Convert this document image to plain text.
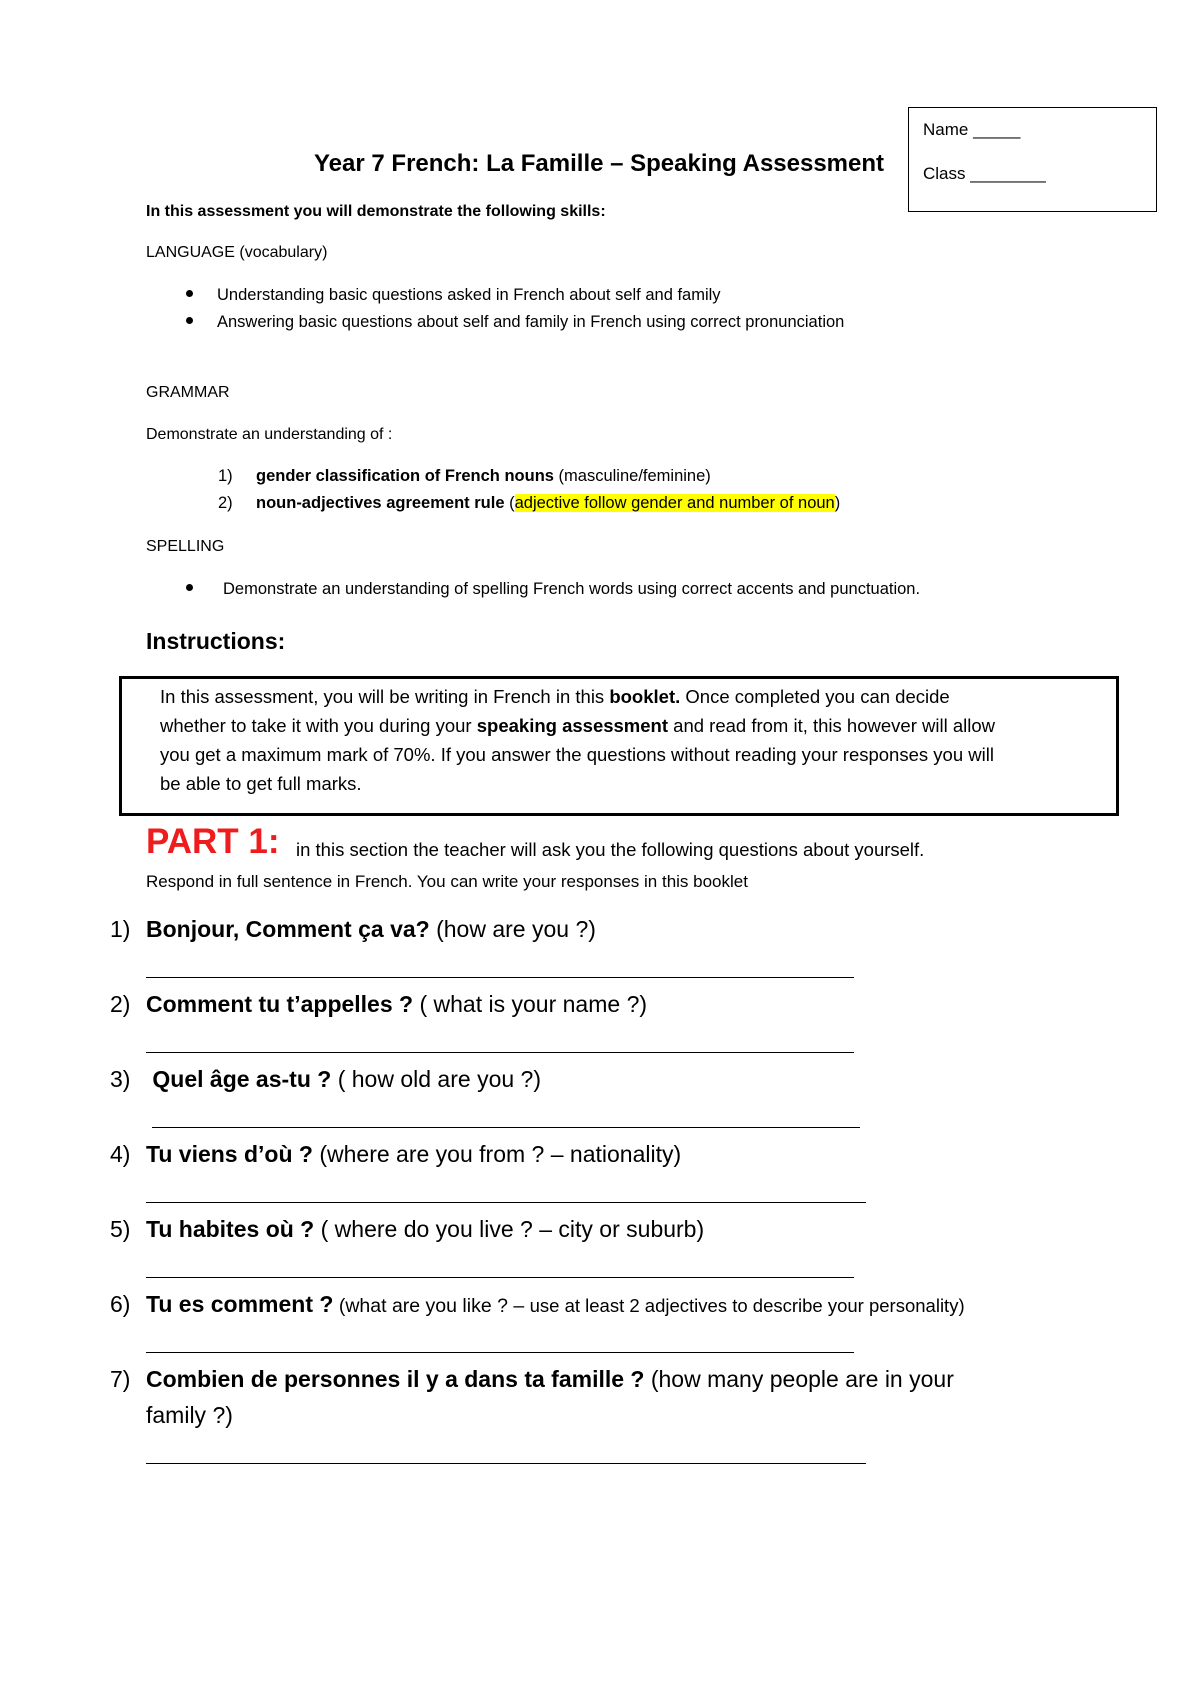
Name _____
Class ________
Year 7 French: La Famille – Speaking Assessment
In this assessment you will demonstrate the following skills:
LANGUAGE (vocabulary)
Understanding basic questions asked in French about self and family
Answering basic questions about self and family in French using correct pronunciation
GRAMMAR
Demonstrate an understanding of :
1) gender classification of French nouns (masculine/feminine)
2) noun-adjectives agreement rule (adjective follow gender and number of noun)
SPELLING
Demonstrate an understanding of spelling French words using correct accents and punctuation.
Instructions:
In this assessment, you will be writing in French in this booklet. Once completed you can decide
whether to take it with you during your speaking assessment and read from it, this however will allow
you get a maximum mark of 70%. If you answer the questions without reading your responses you will
be able to get full marks.
PART 1: in this section the teacher will ask you the following questions about yourself.
Respond in full sentence in French. You can write your responses in this booklet
1) Bonjour, Comment ça va? (how are you ?)
2) Comment tu t’appelles ? ( what is your name ?)
3) Quel âge as-tu ? ( how old are you ?)
4) Tu viens d’où ? (where are you from ? – nationality)
5) Tu habites où ? ( where do you live ? – city or suburb)
6) Tu es comment ? (what are you like ? – use at least 2 adjectives to describe your personality)
7) Combien de personnes il y a dans ta famille ? (how many people are in your
family ?)
